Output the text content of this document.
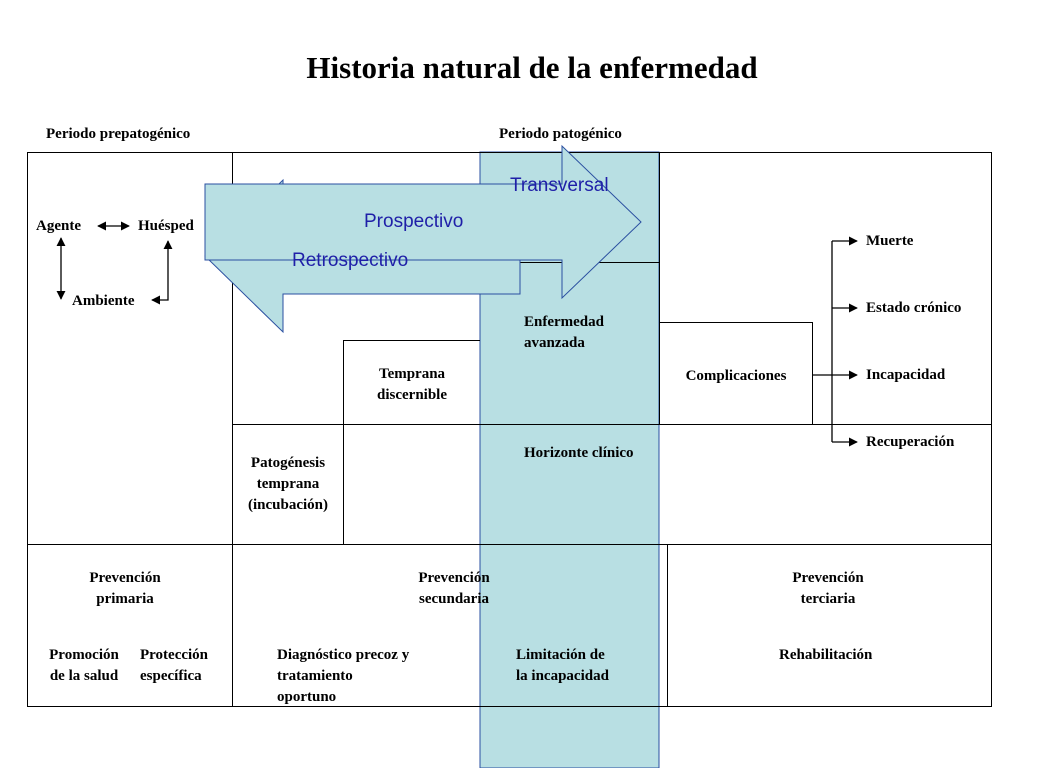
Historia natural de la enfermedad
Periodo prepatogénico	Periodo patogénico
Transversal
Prospectivo
Retrospectivo
Agente	Huésped
Ambiente
Patogénesis
temprana
(incubación)
Temprana
discernible
Enfermedad
avanzada
Complicaciones
Horizonte clínico
Muerte
Estado crónico
Incapacidad
Recuperación
Prevención
primaria
Prevención
secundaria
Prevención
terciaria
Promoción
de la salud
Protección
específica
Diagnóstico precoz y
tratamiento
oportuno
Limitación de
la incapacidad
Rehabilitación
